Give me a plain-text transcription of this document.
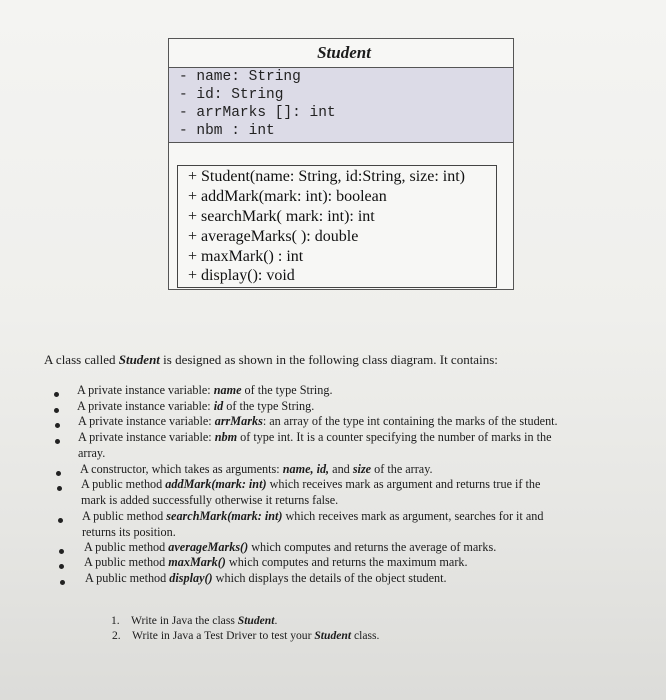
Student
- name: String
- id: String
- arrMarks []: int
- nbm : int
+ Student(name: String, id:String, size: int)
+ addMark(mark: int): boolean
+ searchMark( mark: int): int
+ averageMarks( ): double
+ maxMark() : int
+ display(): void
A class called Student is designed as shown in the following class diagram. It contains:
A private instance variable: name of the type String.
A private instance variable: id of the type String.
A private instance variable: arrMarks: an array of the type int containing the marks of the student.
A private instance variable: nbm of type int. It is a counter specifying the number of marks in the
array.
A constructor, which takes as arguments: name, id, and size of the array.
A public method addMark(mark: int) which receives mark as argument and returns true if the
mark is added successfully otherwise it returns false.
A public method searchMark(mark: int) which receives mark as argument, searches for it and
returns its position.
A public method averageMarks() which computes and returns the average of marks.
A public method maxMark() which computes and returns the maximum mark.
A public method display() which displays the details of the object student.
1. Write in Java the class Student.
2. Write in Java a Test Driver to test your Student class.
